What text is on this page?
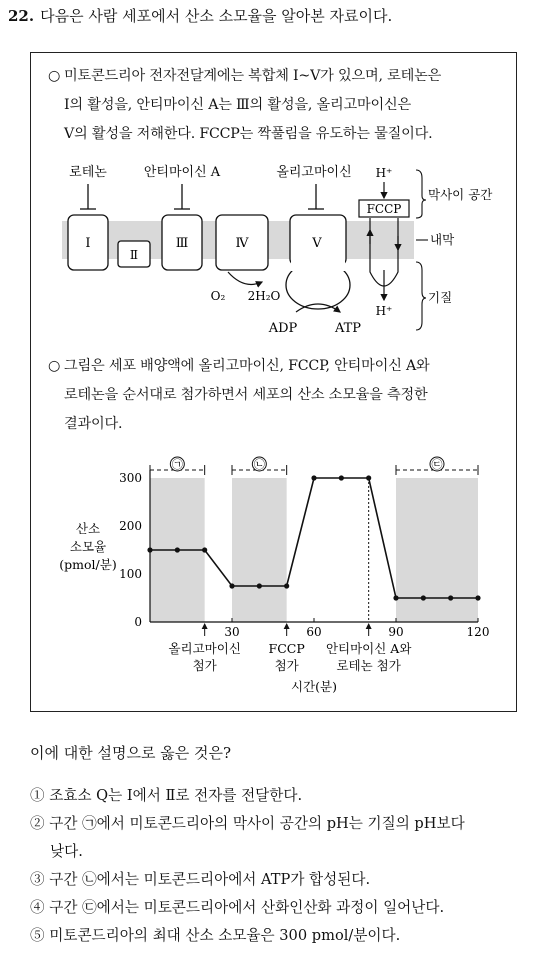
22. 다음은 사람 세포에서 산소 소모율을 알아본 자료이다.
○ 미토콘드리아 전자전달계에는 복합체 Ⅰ~Ⅴ가 있으며, 로테논은
Ⅰ의 활성을, 안티마이신 A는 Ⅲ의 활성을, 올리고마이신은
Ⅴ의 활성을 저해한다. FCCP는 짝풀림을 유도하는 물질이다.
로테논	안티마이신 A	올리고마이신
Ⅰ
Ⅱ
Ⅲ	Ⅳ	Ⅴ
O₂ 2H₂O
ADP	ATP
H⁺
FCCP
H⁺
막사이 공간
내막
기질
○ 그림은 세포 배양액에 올리고마이신, FCCP, 안티마이신 A와
로테논을 순서대로 첨가하면서 세포의 산소 소모율을 측정한
결과이다.
㉠	㉡	㉢
0
100
200
300
30	60	90	120
산소
소모율
(pmol/분)
올리고마이신
첨가
FCCP
첨가
안티마이신 A와
로테논 첨가
시간(분)
이에 대한 설명으로 옳은 것은?
① 조효소 Q는 Ⅰ에서 Ⅱ로 전자를 전달한다.
② 구간 ㉠에서 미토콘드리아의 막사이 공간의 pH는 기질의 pH보다
낮다.
③ 구간 ㉡에서는 미토콘드리아에서 ATP가 합성된다.
④ 구간 ㉢에서는 미토콘드리아에서 산화인산화 과정이 일어난다.
⑤ 미토콘드리아의 최대 산소 소모율은 300 pmol/분이다.
